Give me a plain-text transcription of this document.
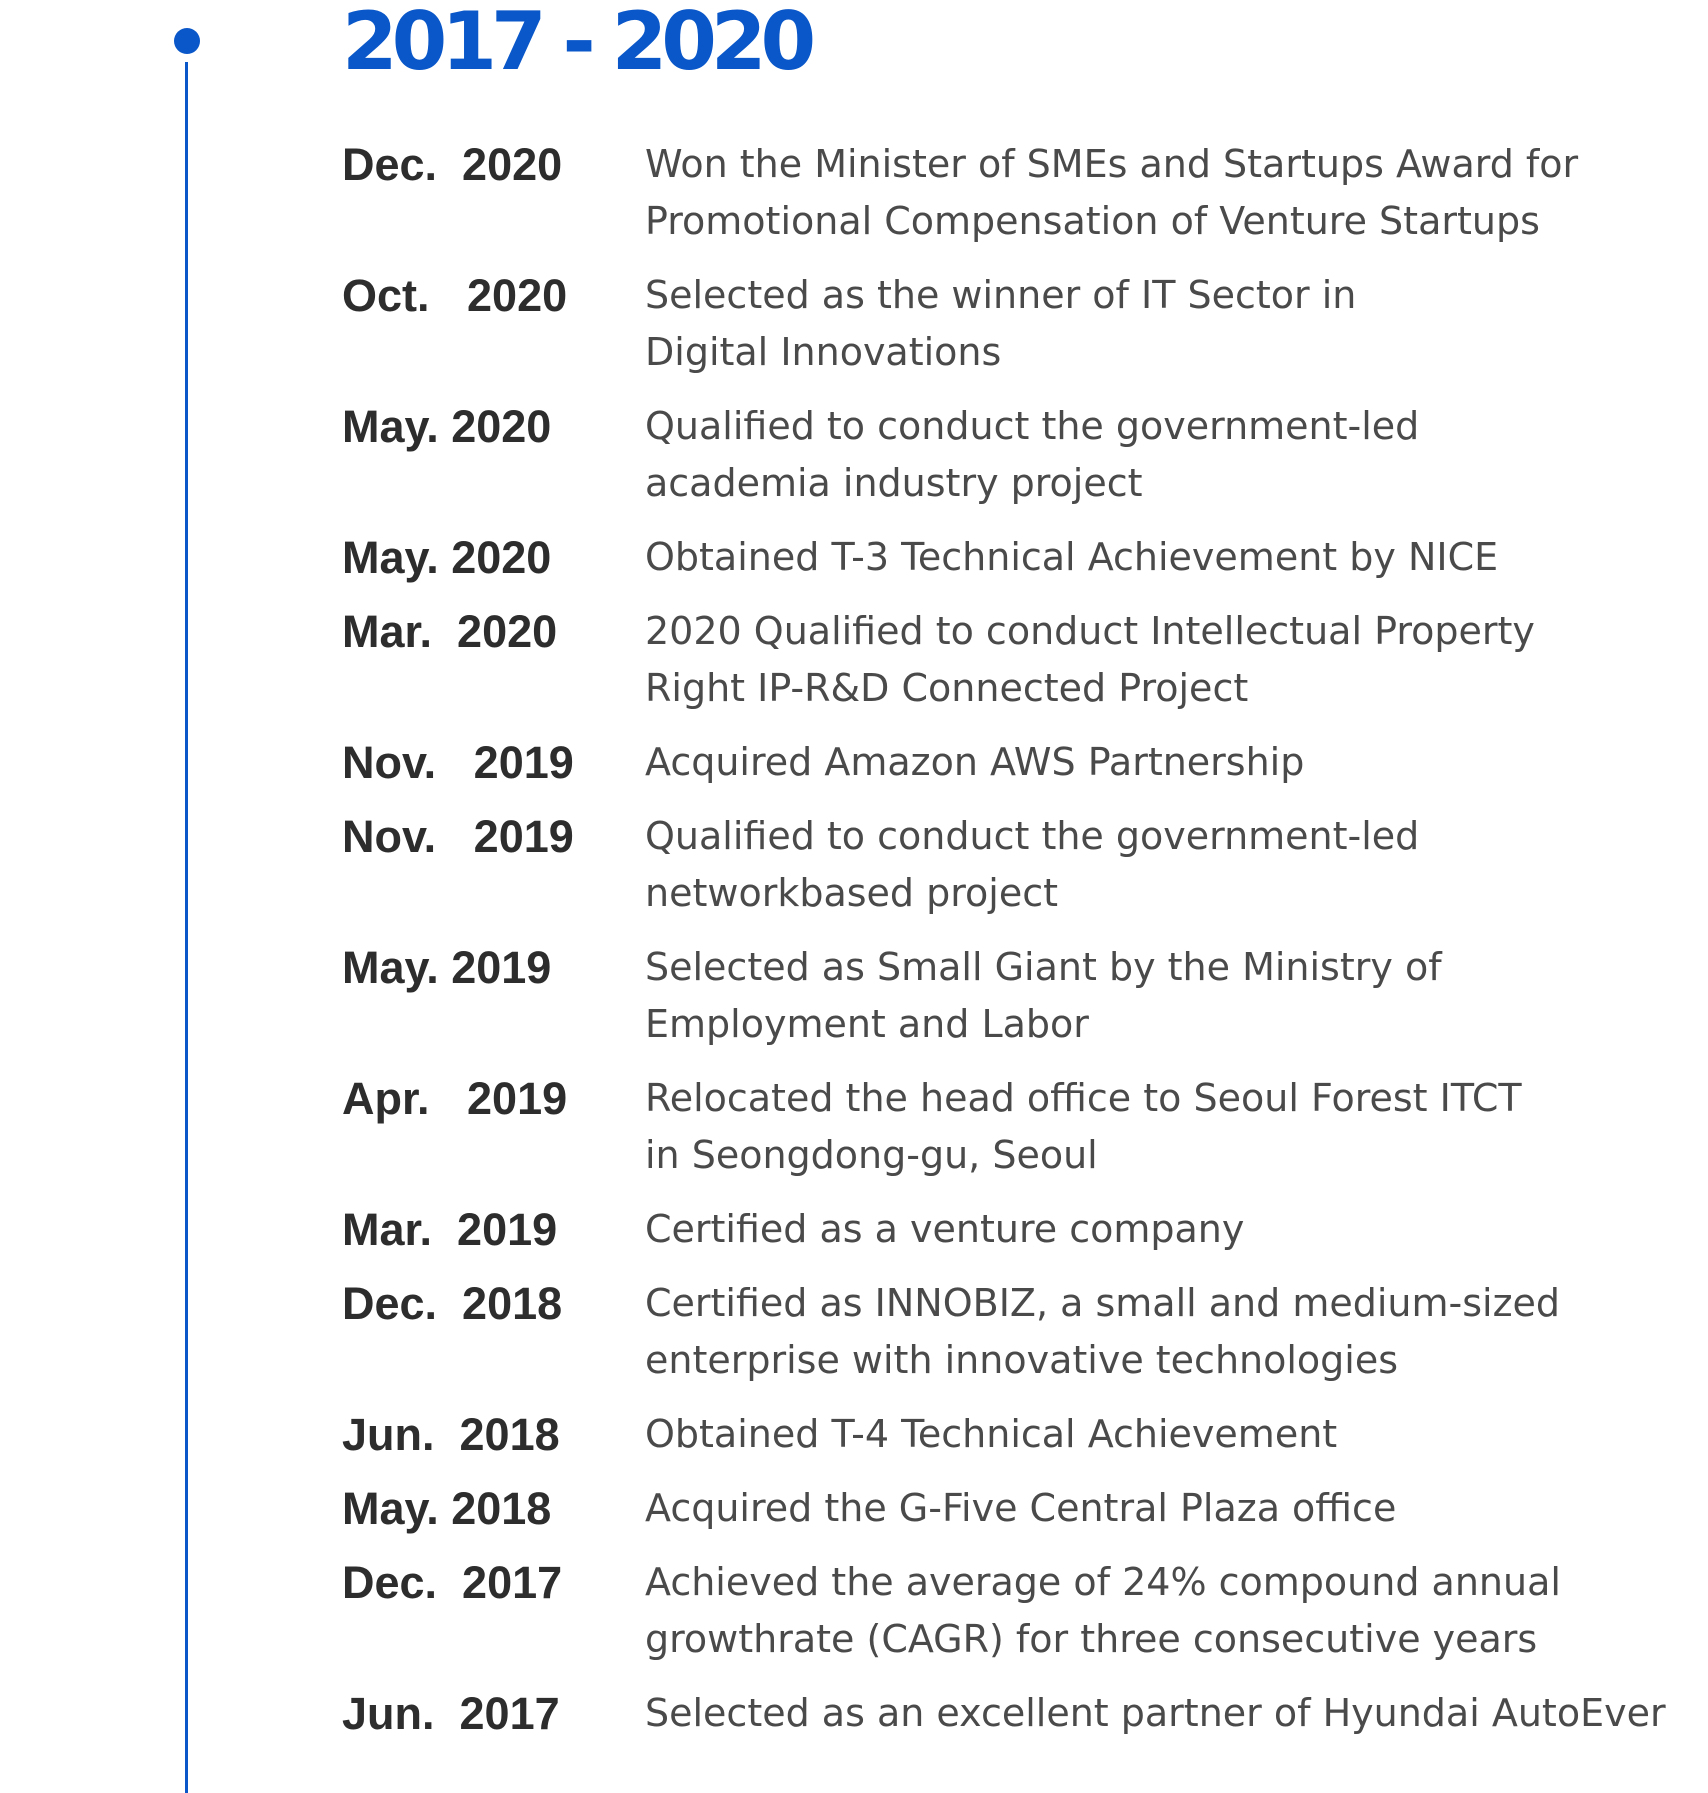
2017 - 2020
Dec.  2020	Won the Minister of SMEs and Startups Award for
Promotional Compensation of Venture Startups
Oct.   2020	Selected as the winner of IT Sector in
Digital Innovations
May. 2020	Qualified to conduct the government-led
academia industry project
May. 2020	Obtained T-3 Technical Achievement by NICE
Mar.  2020	2020 Qualified to conduct Intellectual Property
Right IP-R&D Connected Project
Nov.   2019	Acquired Amazon AWS Partnership
Nov.   2019	Qualified to conduct the government-led
networkbased project
May. 2019	Selected as Small Giant by the Ministry of
Employment and Labor
Apr.   2019	Relocated the head office to Seoul Forest ITCT
in Seongdong-gu, Seoul
Mar.  2019	Certified as a venture company
Dec.  2018	Certified as INNOBIZ, a small and medium-sized
enterprise with innovative technologies
Jun.  2018	Obtained T-4 Technical Achievement
May. 2018	Acquired the G-Five Central Plaza office
Dec.  2017	Achieved the average of 24% compound annual
growthrate (CAGR) for three consecutive years
Jun.  2017	Selected as an excellent partner of Hyundai AutoEver
